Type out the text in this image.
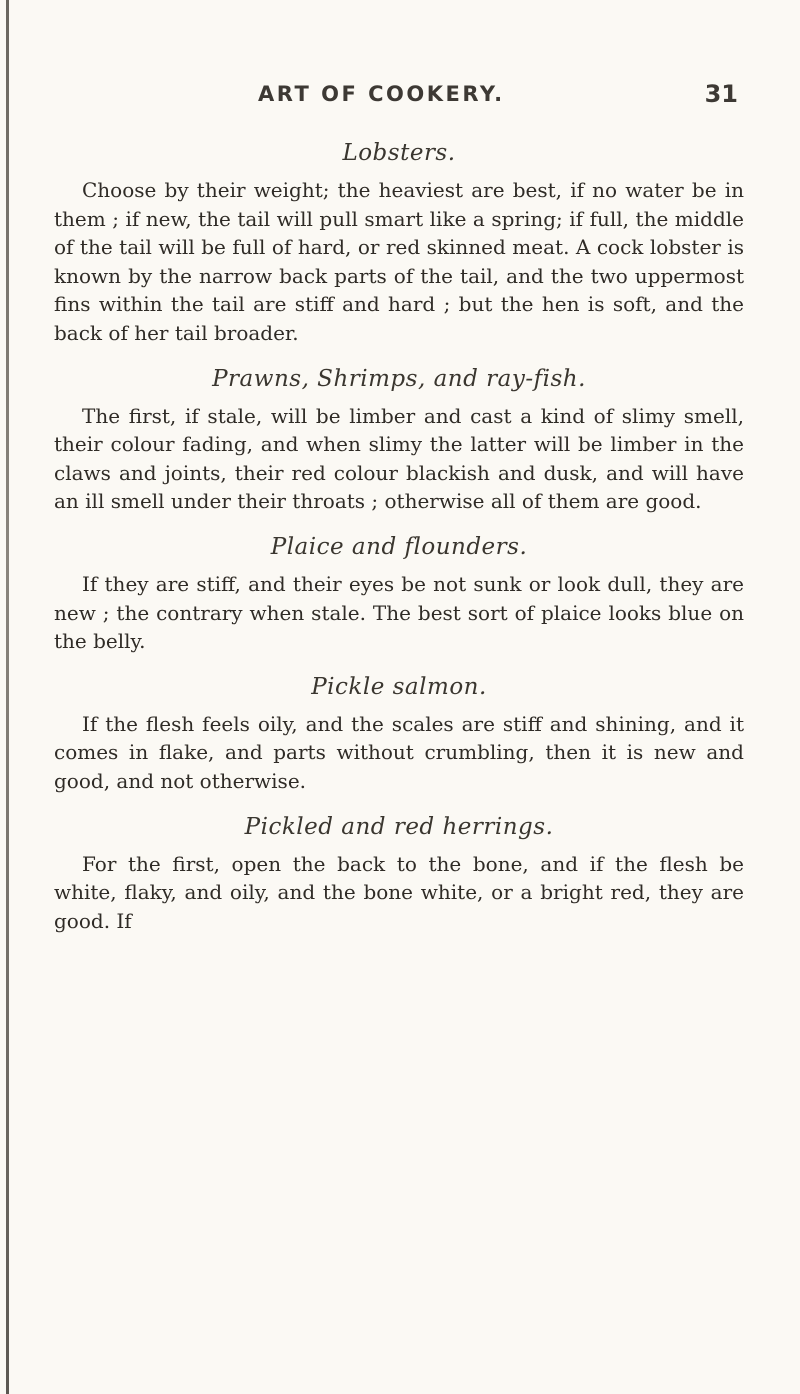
ART OF COOKERY.	31

Lobsters.

Choose by their weight; the heaviest are best, if no water be in them ; if new, the tail will pull smart like a spring; if full, the middle of the tail will be full of hard, or red skinned meat. A cock lobster is known by the narrow back parts of the tail, and the two uppermost fins within the tail are stiff and hard ; but the hen is soft, and the back of her tail broader.

Prawns, Shrimps, and ray-fish.

The first, if stale, will be limber and cast a kind of slimy smell, their colour fading, and when slimy the latter will be limber in the claws and joints, their red colour blackish and dusk, and will have an ill smell under their throats ; otherwise all of them are good.

Plaice and flounders.

If they are stiff, and their eyes be not sunk or look dull, they are new ; the contrary when stale. The best sort of plaice looks blue on the belly.

Pickle salmon.

If the flesh feels oily, and the scales are stiff and shining, and it comes in flake, and parts without crumbling, then it is new and good, and not otherwise.

Pickled and red herrings.

For the first, open the back to the bone, and if the flesh be white, flaky, and oily, and the bone white, or a bright red, they are good. If
